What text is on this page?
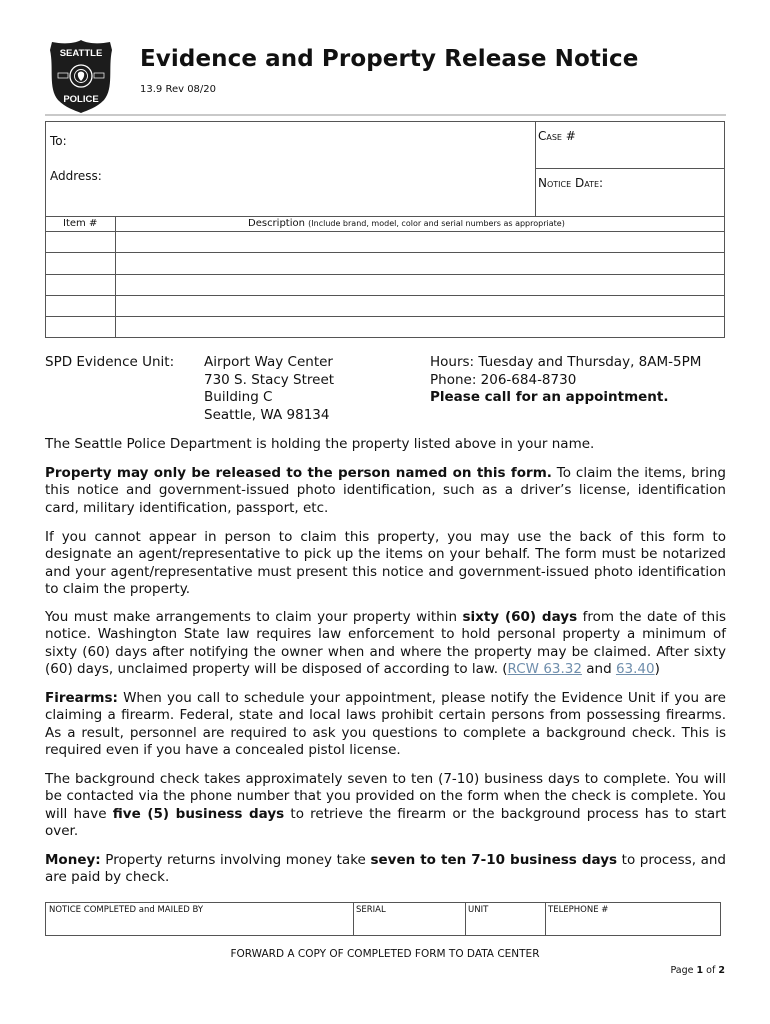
SEATTLE
POLICE
Evidence and Property Release Notice
13.9 Rev 08/20
To:
Address:
Case #
Notice Date:
Item #	Description (Include brand, model, color and serial numbers as appropriate)
SPD Evidence Unit: Airport Way Center
730 S. Stacy Street
Building C
Seattle, WA 98134
Hours: Tuesday and Thursday, 8AM-5PM
Phone: 206-684-8730
Please call for an appointment.
The Seattle Police Department is holding the property listed above in your name.
Property may only be released to the person named on this form. To claim the items, bring this notice and government-issued photo identification, such as a driver’s license, identification card, military identification, passport, etc.
If you cannot appear in person to claim this property, you may use the back of this form to designate an agent/representative to pick up the items on your behalf. The form must be notarized and your agent/representative must present this notice and government-issued photo identification to claim the property.
You must make arrangements to claim your property within sixty (60) days from the date of this notice. Washington State law requires law enforcement to hold personal property a minimum of sixty (60) days after notifying the owner when and where the property may be claimed. After sixty (60) days, unclaimed property will be disposed of according to law. (RCW 63.32 and 63.40)
Firearms: When you call to schedule your appointment, please notify the Evidence Unit if you are claiming a firearm. Federal, state and local laws prohibit certain persons from possessing firearms. As a result, personnel are required to ask you questions to complete a background check. This is required even if you have a concealed pistol license.
The background check takes approximately seven to ten (7-10) business days to complete. You will be contacted via the phone number that you provided on the form when the check is complete. You will have five (5) business days to retrieve the firearm or the background process has to start over.
Money: Property returns involving money take seven to ten 7-10 business days to process, and are paid by check.
NOTICE COMPLETED and MAILED BY	SERIAL	UNIT	TELEPHONE #
FORWARD A COPY OF COMPLETED FORM TO DATA CENTER
Page 1 of 2
